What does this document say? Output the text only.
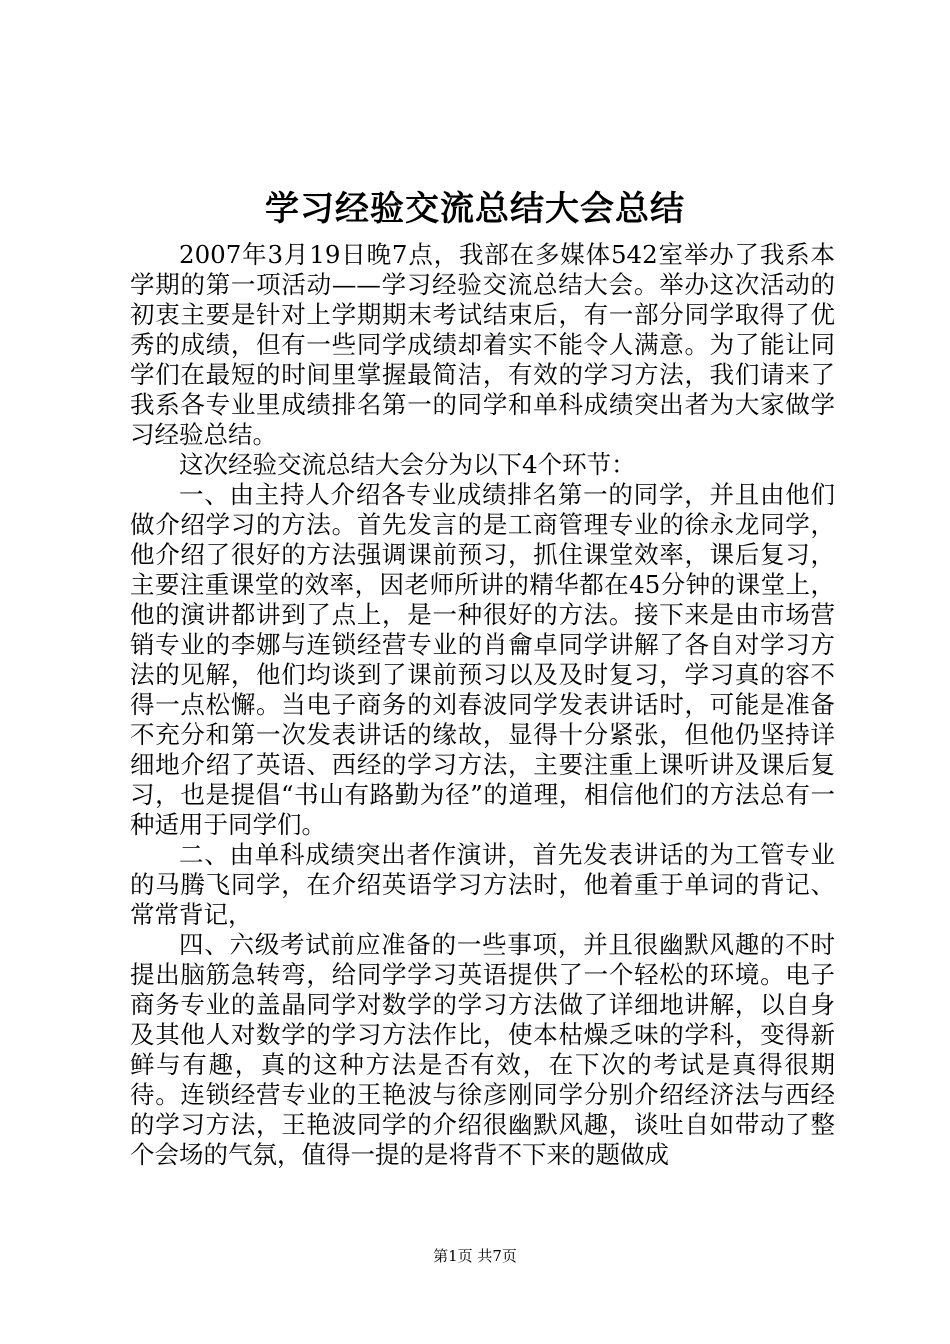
学习经验交流总结大会总结

2007年3月19日晚7点，我部在多媒体542室举办了我系本学期的第一项活动——学习经验交流总结大会。举办这次活动的初衷主要是针对上学期期末考试结束后，有一部分同学取得了优秀的成绩，但有一些同学成绩却着实不能令人满意。为了能让同学们在最短的时间里掌握最简洁，有效的学习方法，我们请来了我系各专业里成绩排名第一的同学和单科成绩突出者为大家做学习经验总结。

这次经验交流总结大会分为以下4个环节：

一、由主持人介绍各专业成绩排名第一的同学，并且由他们做介绍学习的方法。首先发言的是工商管理专业的徐永龙同学，他介绍了很好的方法强调课前预习，抓住课堂效率，课后复习，主要注重课堂的效率，因老师所讲的精华都在45分钟的课堂上，他的演讲都讲到了点上，是一种很好的方法。接下来是由市场营销专业的李娜与连锁经营专业的肖龠卓同学讲解了各自对学习方法的见解，他们均谈到了课前预习以及及时复习，学习真的容不得一点松懈。当电子商务的刘春波同学发表讲话时，可能是准备不充分和第一次发表讲话的缘故，显得十分紧张，但他仍坚持详细地介绍了英语、西经的学习方法，主要注重上课听讲及课后复习，也是提倡“书山有路勤为径”的道理，相信他们的方法总有一种适用于同学们。

二、由单科成绩突出者作演讲，首先发表讲话的为工管专业的马腾飞同学，在介绍英语学习方法时，他着重于单词的背记、常常背记，

四、六级考试前应准备的一些事项，并且很幽默风趣的不时提出脑筋急转弯，给同学学习英语提供了一个轻松的环境。电子商务专业的盖晶同学对数学的学习方法做了详细地讲解，以自身及其他人对数学的学习方法作比，使本枯燥乏味的学科，变得新鲜与有趣，真的这种方法是否有效，在下次的考试是真得很期待。连锁经营专业的王艳波与徐彦刚同学分别介绍经济法与西经的学习方法，王艳波同学的介绍很幽默风趣，谈吐自如带动了整个会场的气氛，值得一提的是将背不下来的题做成

第1页 共7页
